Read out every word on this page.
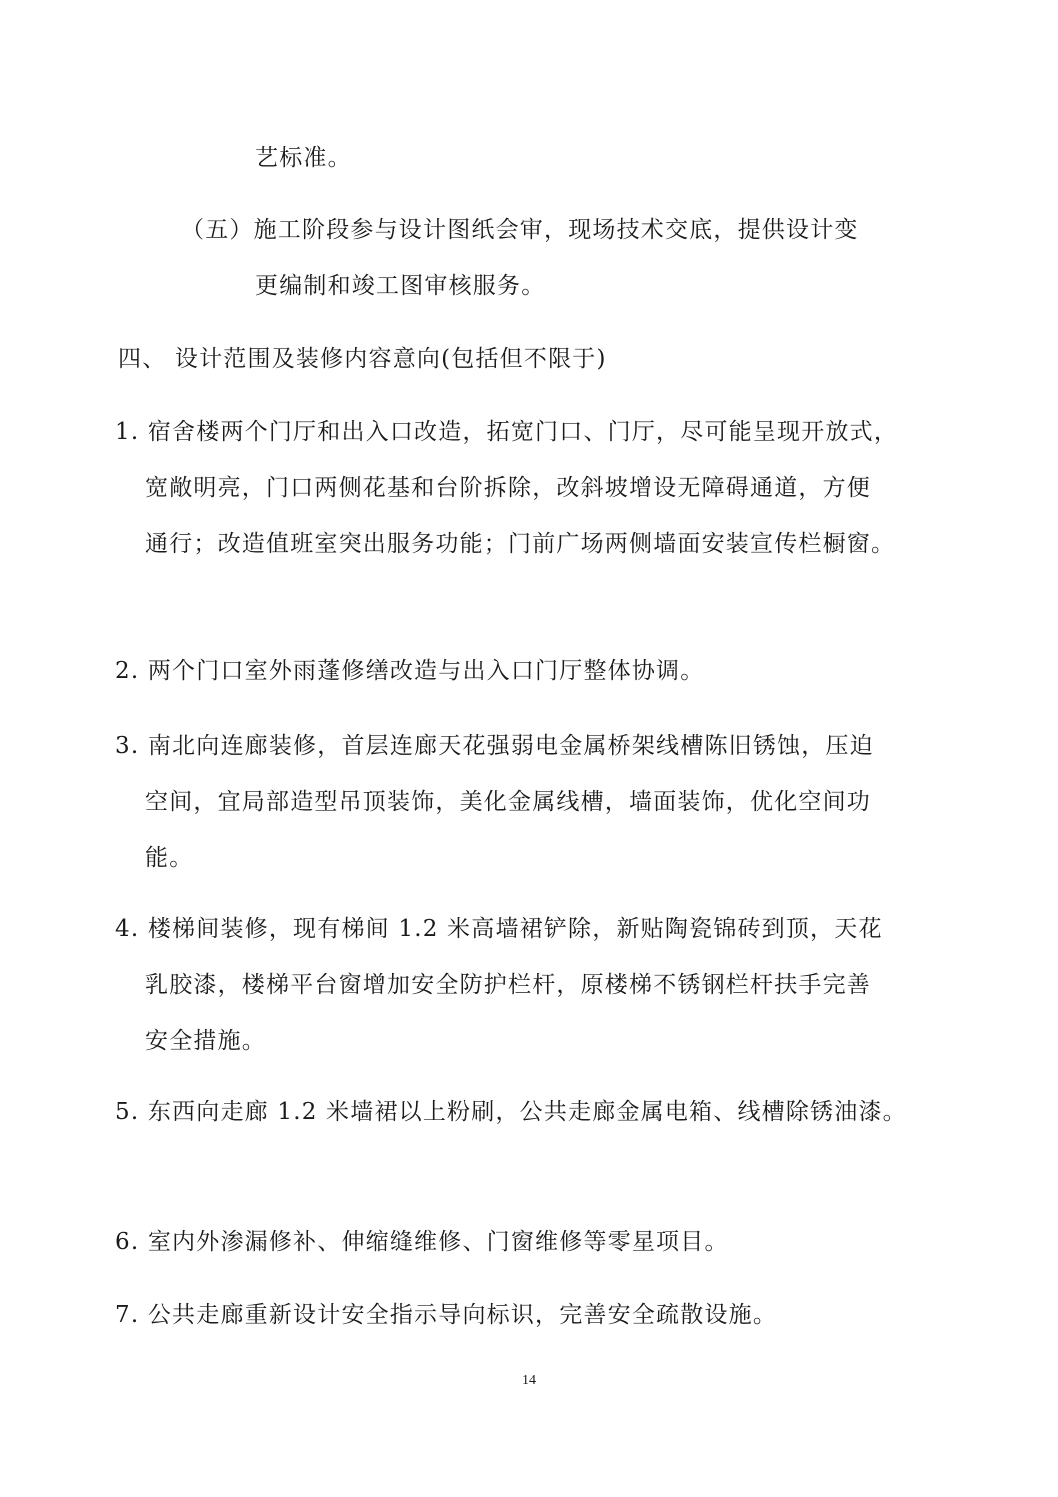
艺标准。
（五）施工阶段参与设计图纸会审，现场技术交底，提供设计变
更编制和竣工图审核服务。
四、 设计范围及装修内容意向(包括但不限于)
1. 宿舍楼两个门厅和出入口改造，拓宽门口、门厅，尽可能呈现开放式，
宽敞明亮，门口两侧花基和台阶拆除，改斜坡增设无障碍通道，方便
通行；改造值班室突出服务功能；门前广场两侧墙面安装宣传栏橱窗。
2. 两个门口室外雨蓬修缮改造与出入口门厅整体协调。
3. 南北向连廊装修，首层连廊天花强弱电金属桥架线槽陈旧锈蚀，压迫
空间，宜局部造型吊顶装饰，美化金属线槽，墙面装饰，优化空间功
能。
4. 楼梯间装修，现有梯间 1.2 米高墙裙铲除，新贴陶瓷锦砖到顶，天花
乳胶漆，楼梯平台窗增加安全防护栏杆，原楼梯不锈钢栏杆扶手完善
安全措施。
5. 东西向走廊 1.2 米墙裙以上粉刷，公共走廊金属电箱、线槽除锈油漆。
6. 室内外渗漏修补、伸缩缝维修、门窗维修等零星项目。
7. 公共走廊重新设计安全指示导向标识，完善安全疏散设施。
14
